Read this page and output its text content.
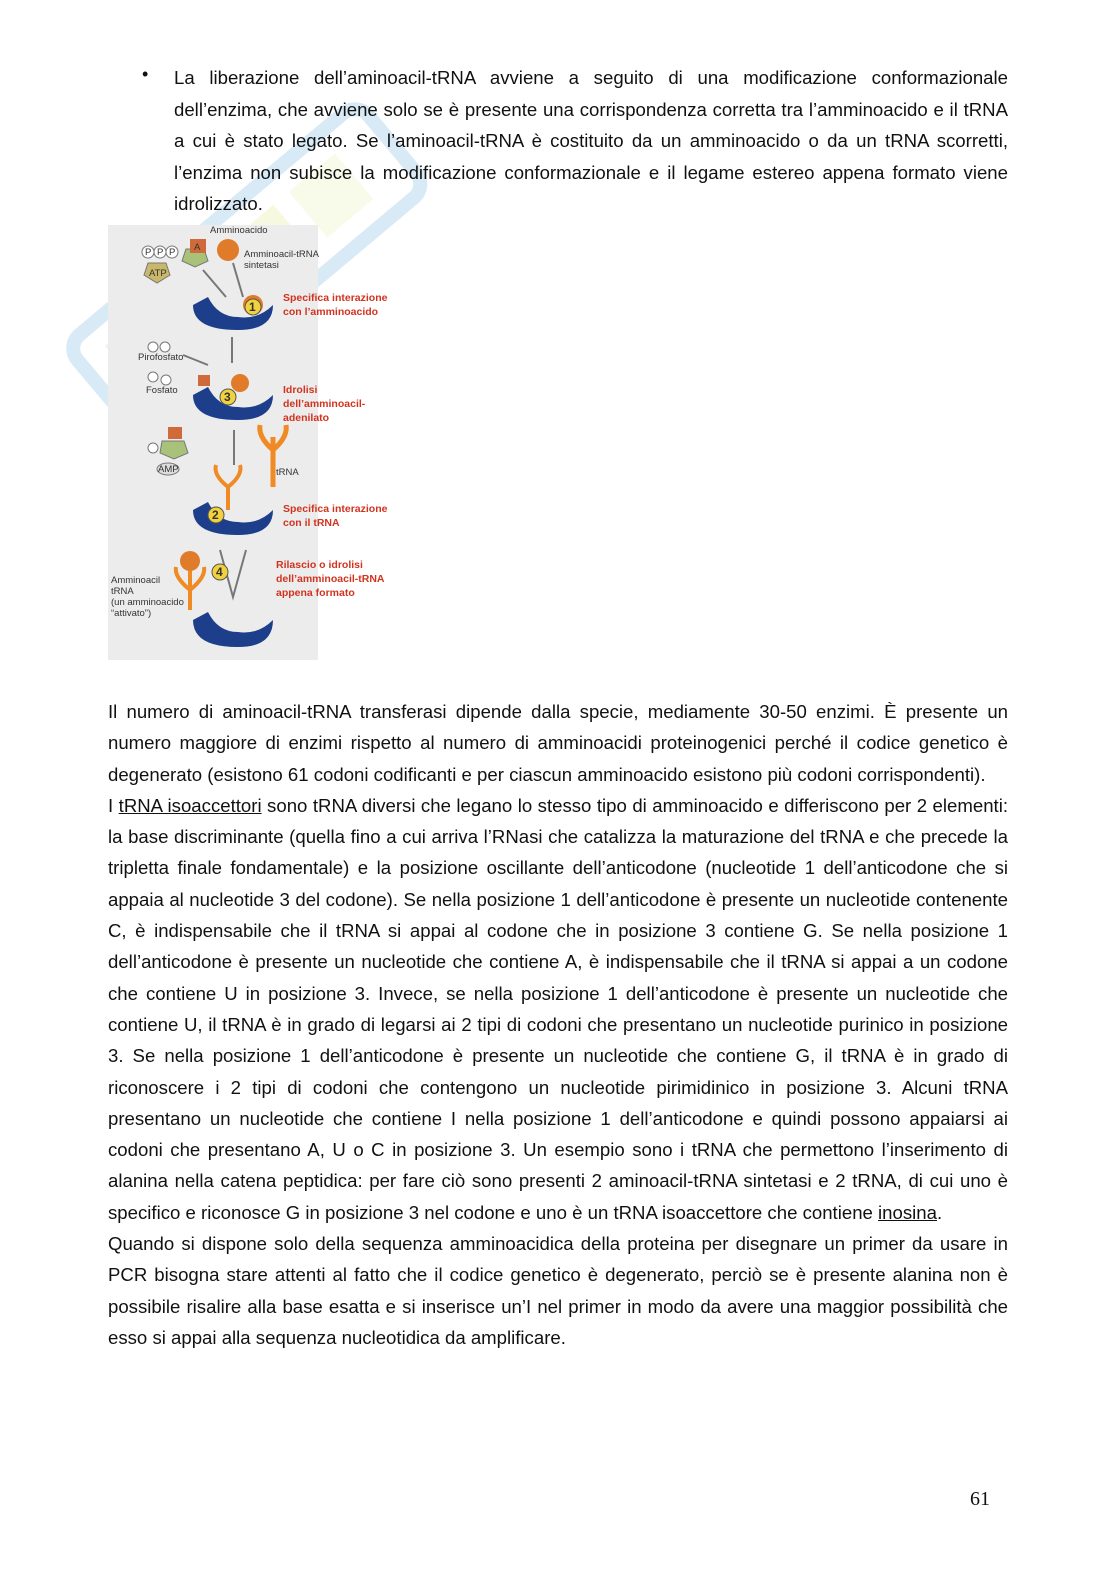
• La liberazione dell’aminoacil-tRNA avviene a seguito di una modificazione conformazionale dell’enzima, che avviene solo se è presente una corrispondenza corretta tra l’amminoacido e il tRNA a cui è stato legato. Se l’aminoacil-tRNA è costituito da un amminoacido o da un tRNA scorretti, l’enzima non subisce la modificazione conformazionale e il legame estereo appena formato viene idrolizzato.
P P P
ATP
A
Amminoacido
Amminoacil-tRNA
sintetasi
1
Specifica interazione
con l’amminoacido
Pirofosfato
Fosfato	3	Idrolisi
dell’amminoacil-
adenilato
AMP	tRNA
2	Specifica interazione
con il tRNA
4	Rilascio o idrolisi
dell’amminoacil-tRNA
appena formato
Amminoacil
tRNA
(un amminoacido
“attivato”)

Il numero di aminoacil-tRNA transferasi dipende dalla specie, mediamente 30-50 enzimi. È presente un numero maggiore di enzimi rispetto al numero di amminoacidi proteinogenici perché il codice genetico è degenerato (esistono 61 codoni codificanti e per ciascun amminoacido esistono più codoni corrispondenti).

I tRNA isoaccettori sono tRNA diversi che legano lo stesso tipo di amminoacido e differiscono per 2 elementi: la base discriminante (quella fino a cui arriva l’RNasi che catalizza la maturazione del tRNA e che precede la tripletta finale fondamentale) e la posizione oscillante dell’anticodone (nucleotide 1 dell’anticodone che si appaia al nucleotide 3 del codone). Se nella posizione 1 dell’anticodone è presente un nucleotide contenente C, è indispensabile che il tRNA si appai al codone che in posizione 3 contiene G. Se nella posizione 1 dell’anticodone è presente un nucleotide che contiene A, è indispensabile che il tRNA si appai a un codone che contiene U in posizione 3. Invece, se nella posizione 1 dell’anticodone è presente un nucleotide che contiene U, il tRNA è in grado di legarsi ai 2 tipi di codoni che presentano un nucleotide purinico in posizione 3. Se nella posizione 1 dell’anticodone è presente un nucleotide che contiene G, il tRNA è in grado di riconoscere i 2 tipi di codoni che contengono un nucleotide pirimidinico in posizione 3. Alcuni tRNA presentano un nucleotide che contiene I nella posizione 1 dell’anticodone e quindi possono appaiarsi ai codoni che presentano A, U o C in posizione 3. Un esempio sono i tRNA che permettono l’inserimento di alanina nella catena peptidica: per fare ciò sono presenti 2 aminoacil-tRNA sintetasi e 2 tRNA, di cui uno è specifico e riconosce G in posizione 3 nel codone e uno è un tRNA isoaccettore che contiene inosina.

Quando si dispone solo della sequenza amminoacidica della proteina per disegnare un primer da usare in PCR bisogna stare attenti al fatto che il codice genetico è degenerato, perciò se è presente alanina non è possibile risalire alla base esatta e si inserisce un’I nel primer in modo da avere una maggior possibilità che esso si appai alla sequenza nucleotidica da amplificare.

61
